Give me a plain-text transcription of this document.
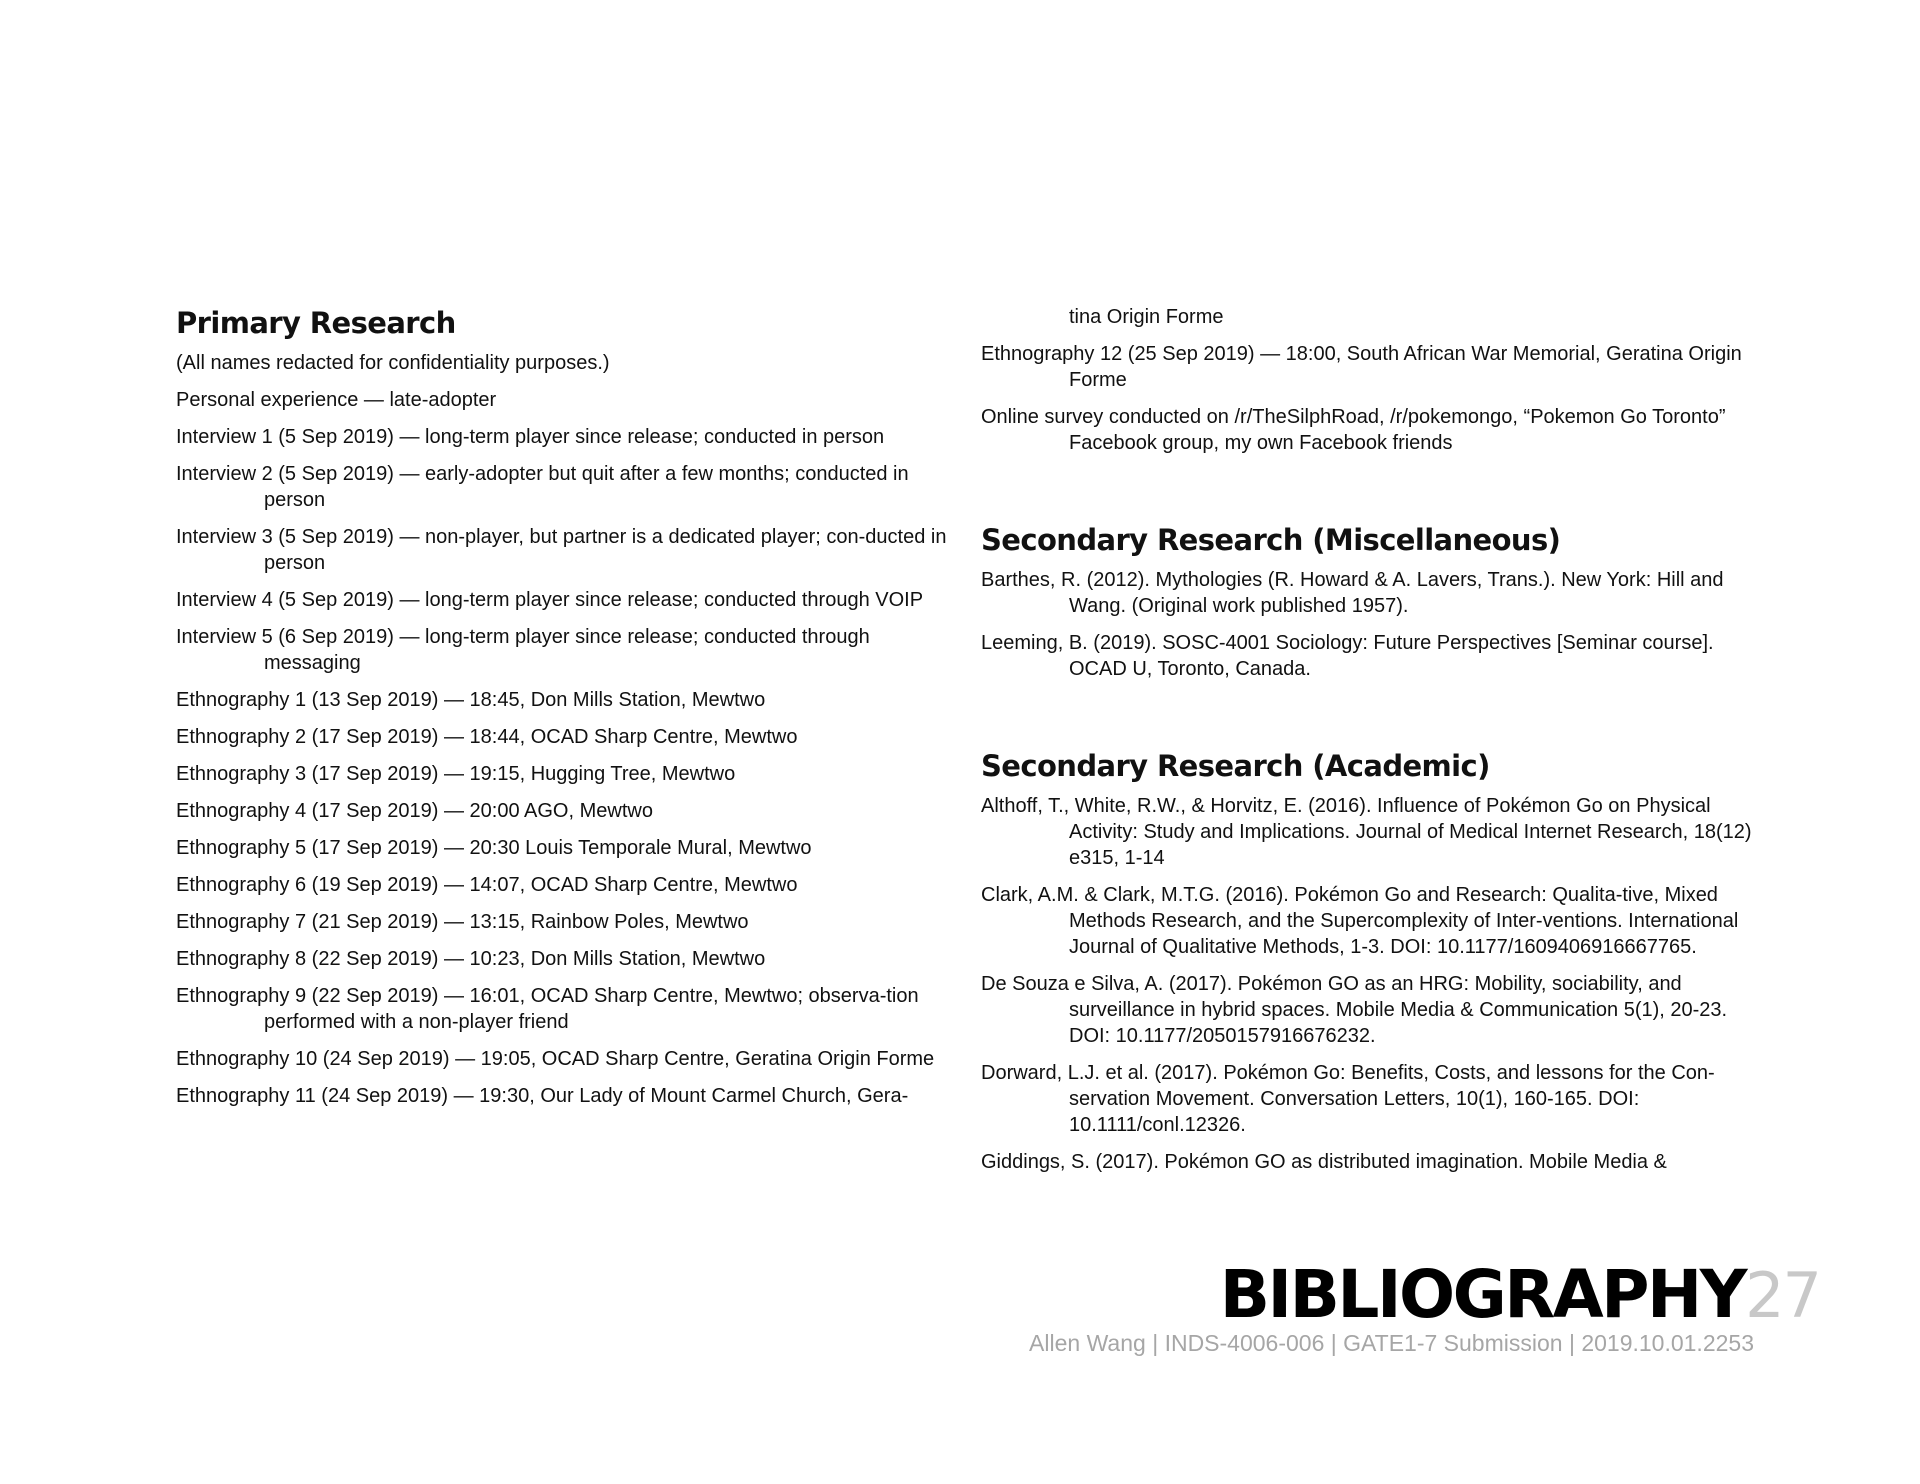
Primary Research

(All names redacted for confidentiality purposes.)

Personal experience — late-adopter

Interview 1 (5 Sep 2019) — long-term player since release; conducted in person

Interview 2 (5 Sep 2019) — early-adopter but quit after a few months; conducted in person

Interview 3 (5 Sep 2019) — non-player, but partner is a dedicated player; con-ducted in person

Interview 4 (5 Sep 2019) — long-term player since release; conducted through VOIP

Interview 5 (6 Sep 2019) — long-term player since release; conducted through messaging

Ethnography 1 (13 Sep 2019) — 18:45, Don Mills Station, Mewtwo

Ethnography 2 (17 Sep 2019) — 18:44, OCAD Sharp Centre, Mewtwo

Ethnography 3 (17 Sep 2019) — 19:15, Hugging Tree, Mewtwo

Ethnography 4 (17 Sep 2019) — 20:00 AGO, Mewtwo

Ethnography 5 (17 Sep 2019) — 20:30 Louis Temporale Mural, Mewtwo

Ethnography 6 (19 Sep 2019) — 14:07, OCAD Sharp Centre, Mewtwo

Ethnography 7 (21 Sep 2019) — 13:15, Rainbow Poles, Mewtwo

Ethnography 8 (22 Sep 2019) — 10:23, Don Mills Station, Mewtwo

Ethnography 9 (22 Sep 2019) — 16:01, OCAD Sharp Centre, Mewtwo; observa-tion performed with a non-player friend

Ethnography 10 (24 Sep 2019) — 19:05, OCAD Sharp Centre, Geratina Origin Forme

Ethnography 11 (24 Sep 2019) — 19:30, Our Lady of Mount Carmel Church, Gera-

tina Origin Forme

Ethnography 12 (25 Sep 2019) — 18:00, South African War Memorial, Geratina Origin Forme

Online survey conducted on /r/TheSilphRoad, /r/pokemongo, “Pokemon Go Toronto” Facebook group, my own Facebook friends

Secondary Research (Miscellaneous)

Barthes, R. (2012). Mythologies (R. Howard & A. Lavers, Trans.). New York: Hill and Wang. (Original work published 1957).

Leeming, B. (2019). SOSC-4001 Sociology: Future Perspectives [Seminar course]. OCAD U, Toronto, Canada.

Secondary Research (Academic)

Althoff, T., White, R.W., & Horvitz, E. (2016). Influence of Pokémon Go on Physical Activity: Study and Implications. Journal of Medical Internet Research, 18(12) e315, 1-14

Clark, A.M. & Clark, M.T.G. (2016). Pokémon Go and Research: Qualita-tive, Mixed Methods Research, and the Supercomplexity of Inter-ventions. International Journal of Qualitative Methods, 1-3. DOI: 10.1177/1609406916667765.

De Souza e Silva, A. (2017). Pokémon GO as an HRG: Mobility, sociability, and surveillance in hybrid spaces. Mobile Media & Communication 5(1), 20-23. DOI: 10.1177/2050157916676232.

Dorward, L.J. et al. (2017). Pokémon Go: Benefits, Costs, and lessons for the Con-servation Movement. Conversation Letters, 10(1), 160-165. DOI: 10.1111/conl.12326.

Giddings, S. (2017). Pokémon GO as distributed imagination. Mobile Media &

BIBLIOGRAPHY27
Allen Wang | INDS-4006-006 | GATE1-7 Submission | 2019.10.01.2253
